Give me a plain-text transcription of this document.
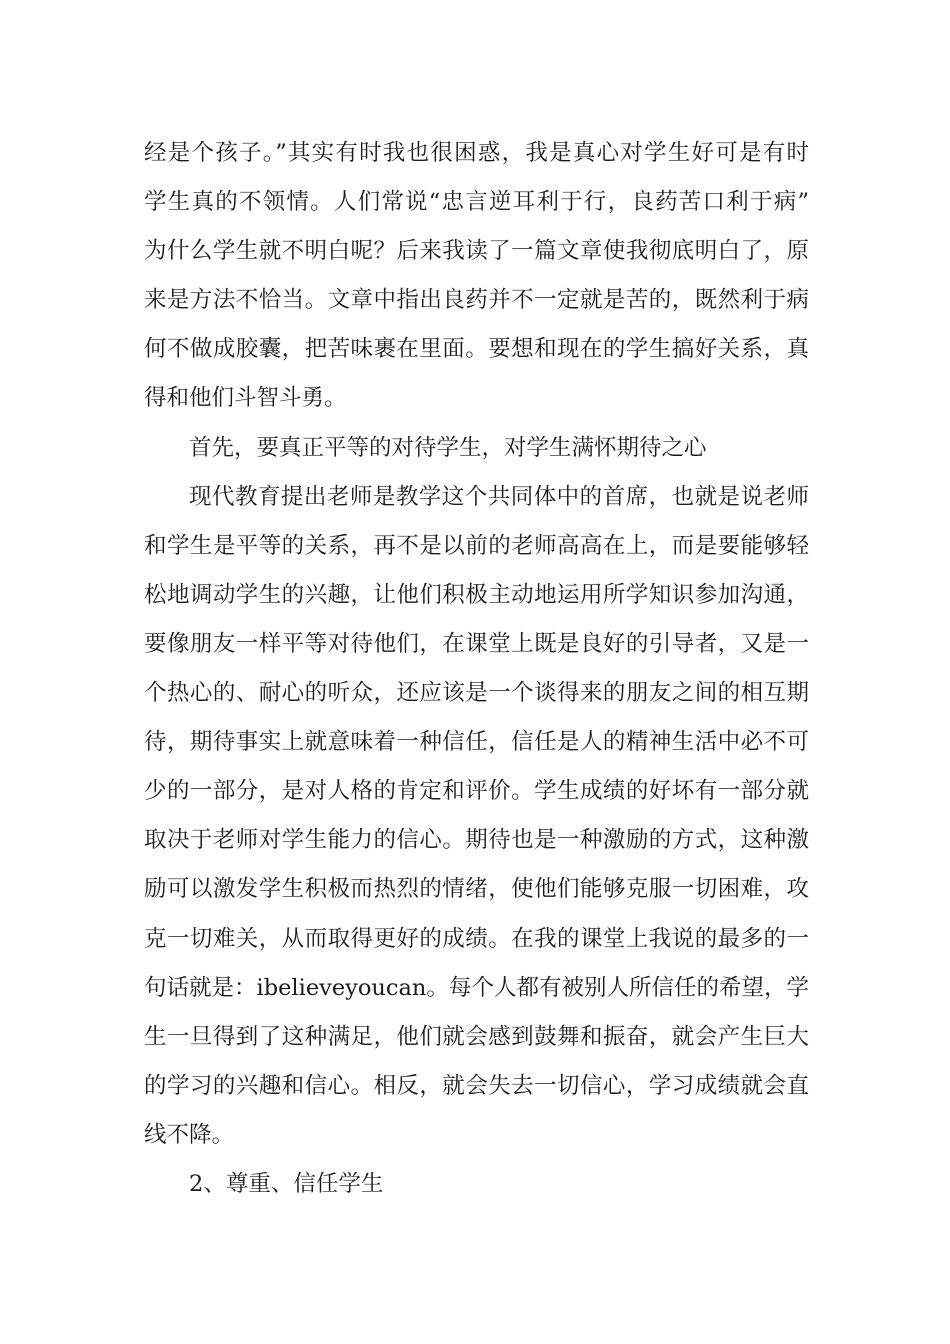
经是个孩子。”其实有时我也很困惑，我是真心对学生好可是有时
学生真的不领情。人们常说“忠言逆耳利于行，良药苦口利于病”
为什么学生就不明白呢？后来我读了一篇文章使我彻底明白了，原
来是方法不恰当。文章中指出良药并不一定就是苦的，既然利于病
何不做成胶囊，把苦味裹在里面。要想和现在的学生搞好关系，真
得和他们斗智斗勇。
首先，要真正平等的对待学生，对学生满怀期待之心
现代教育提出老师是教学这个共同体中的首席，也就是说老师
和学生是平等的关系，再不是以前的老师高高在上，而是要能够轻
松地调动学生的兴趣，让他们积极主动地运用所学知识参加沟通，
要像朋友一样平等对待他们，在课堂上既是良好的引导者，又是一
个热心的、耐心的听众，还应该是一个谈得来的朋友之间的相互期
待，期待事实上就意味着一种信任，信任是人的精神生活中必不可
少的一部分，是对人格的肯定和评价。学生成绩的好坏有一部分就
取决于老师对学生能力的信心。期待也是一种激励的方式，这种激
励可以激发学生积极而热烈的情绪，使他们能够克服一切困难，攻
克一切难关，从而取得更好的成绩。在我的课堂上我说的最多的一
句话就是：ibelieveyoucan。每个人都有被别人所信任的希望，学
生一旦得到了这种满足，他们就会感到鼓舞和振奋，就会产生巨大
的学习的兴趣和信心。相反，就会失去一切信心，学习成绩就会直
线不降。
2、尊重、信任学生
